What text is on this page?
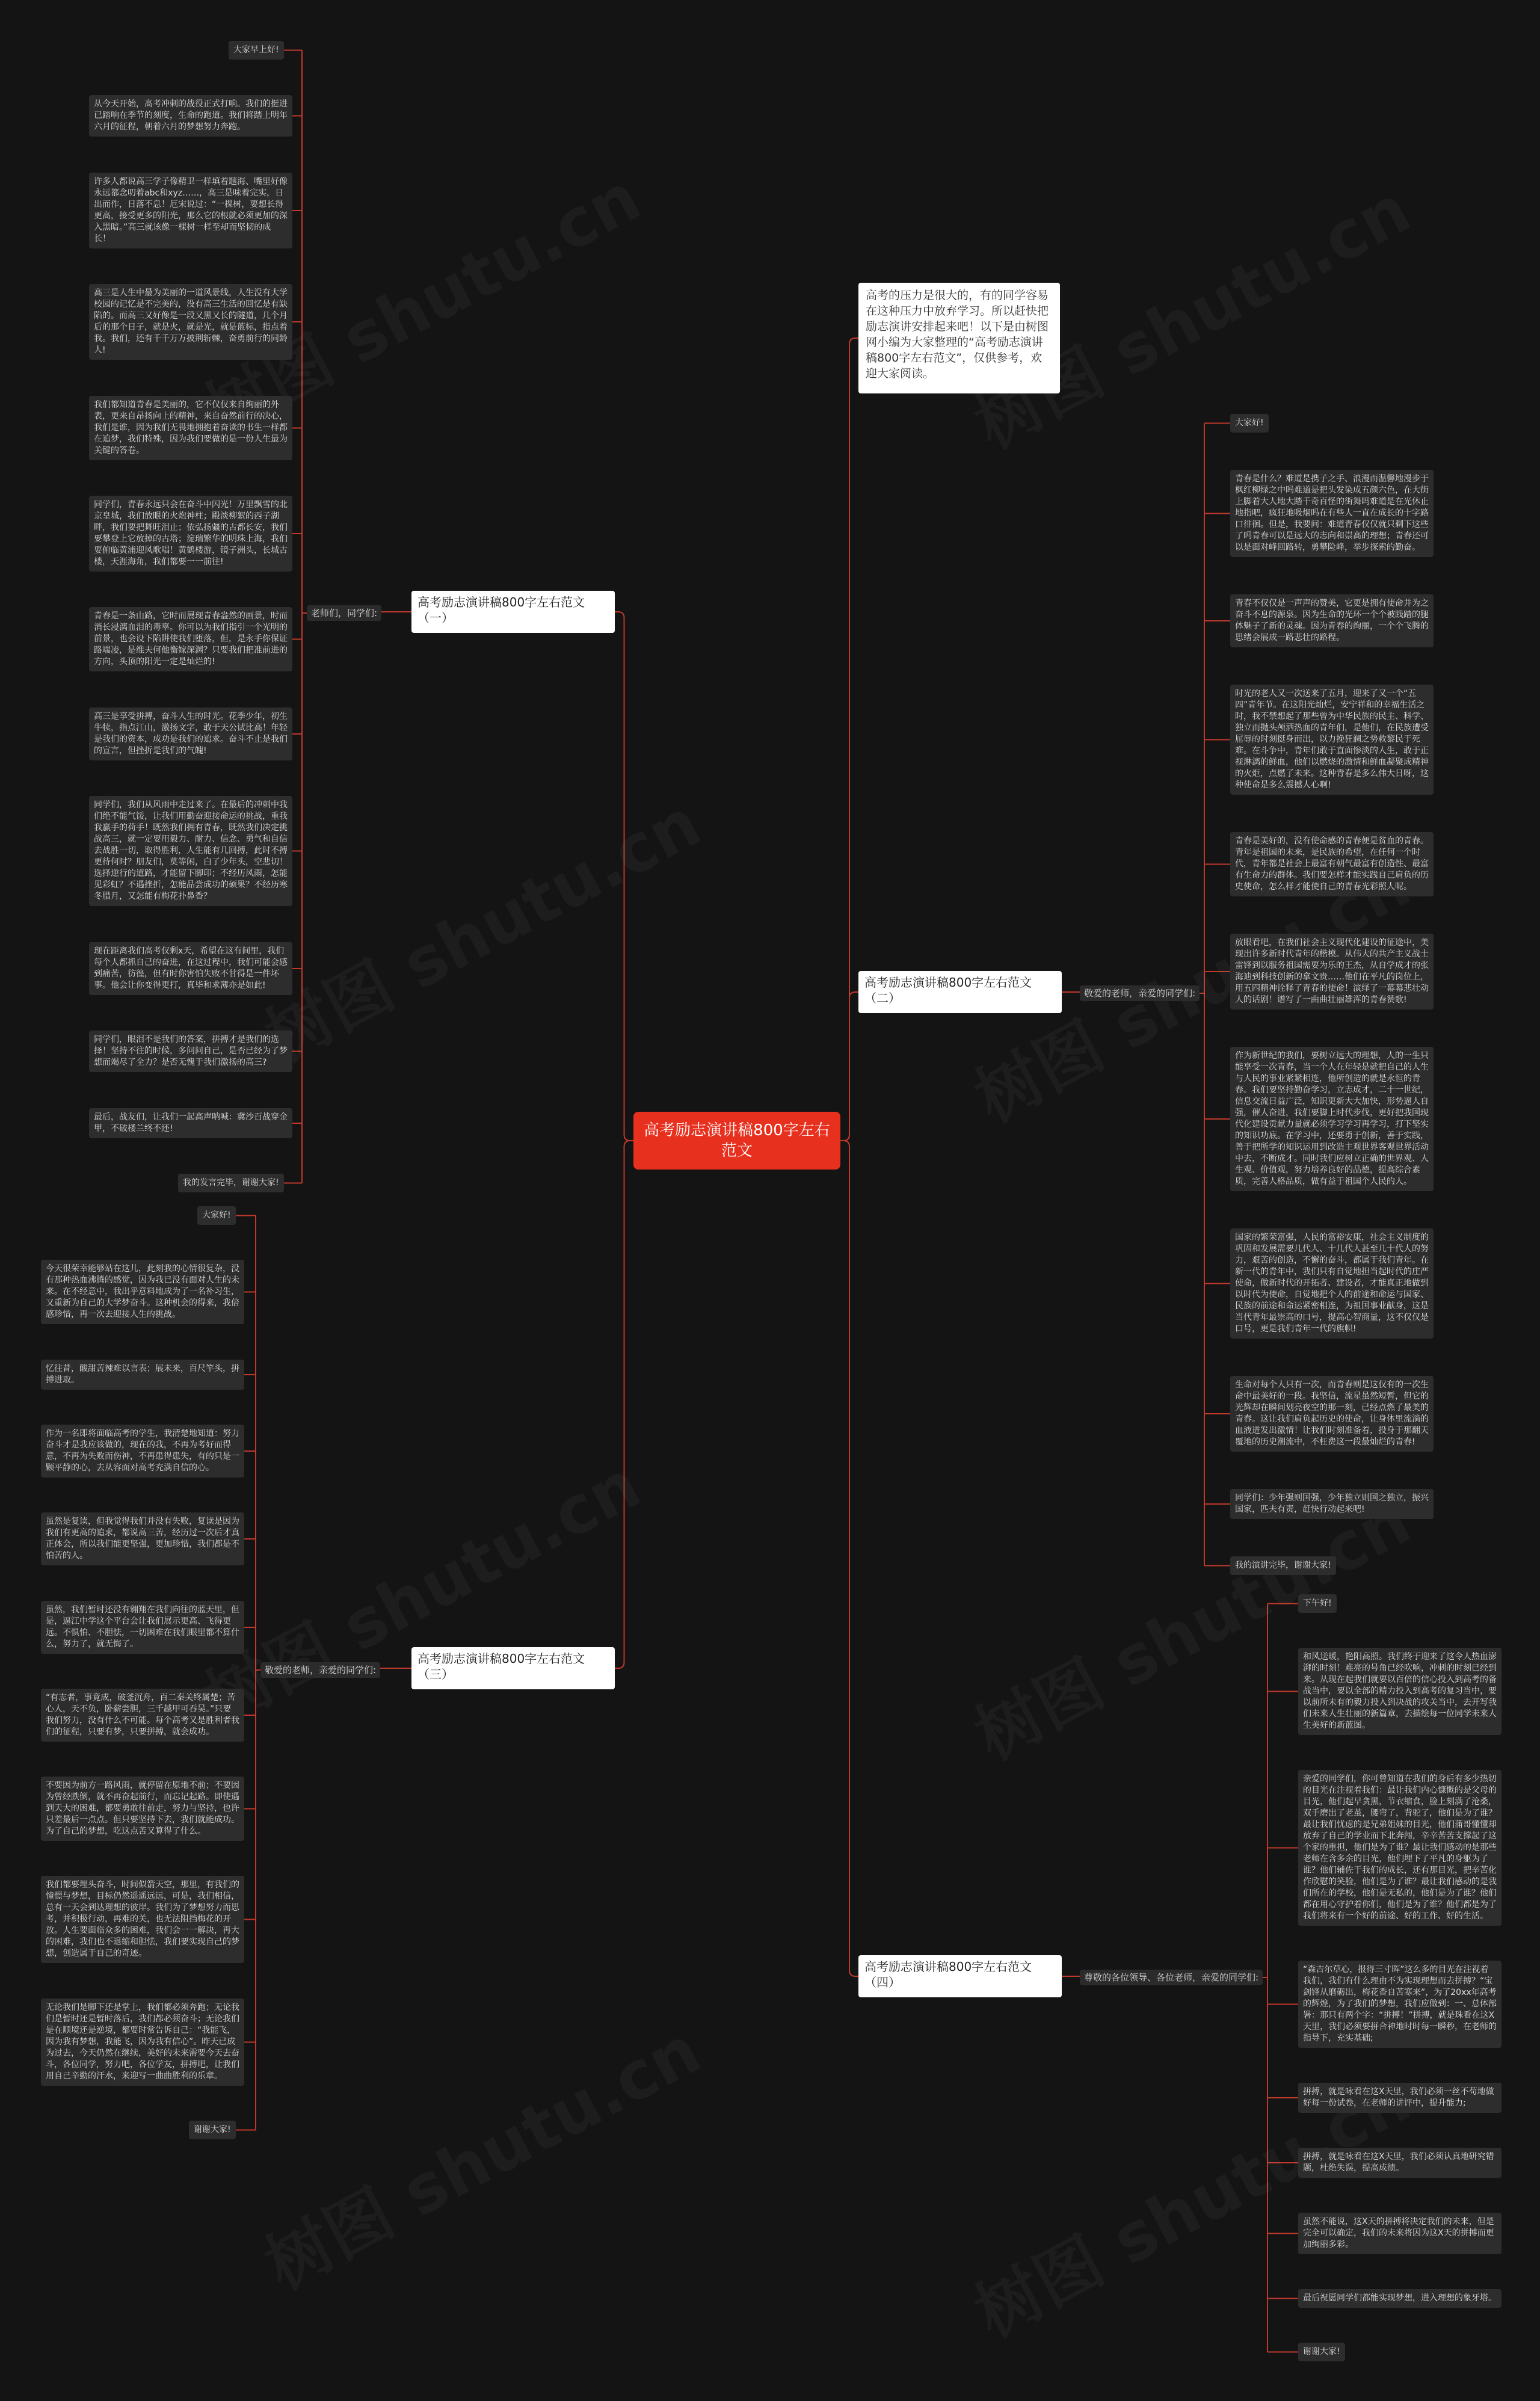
高考励志演讲稿800字左右范文
高考的压力是很大的，有的同学容易在这种压力中放弃学习。所以赶快把励志演讲安排起来吧！以下是由树图网小编为大家整理的“高考励志演讲稿800字左右范文”，仅供参考，欢迎大家阅读。
高考励志演讲稿800字左右范文（一）
高考励志演讲稿800字左右范文（二）
高考励志演讲稿800字左右范文（三）
高考励志演讲稿800字左右范文（四）
老师们，同学们:
敬爱的老师，亲爱的同学们:
敬爱的老师，亲爱的同学们:
尊敬的各位领导、各位老师，亲爱的同学们:
大家早上好!
从今天开始，高考冲刺的战役正式打响。我们的挺进已踏响在季节的刻度，生命的跑道。我们将踏上明年六月的征程，朝着六月的梦想努力奔跑。
许多人都说高三学子像精卫一样填着题海、嘴里好像永远都念叨着abc和xyz……，高三是味着完实，日出而作，日落不息！厄宋说过：“一棵树，要想长得更高，接受更多的阳光，那么它的根就必须更加的深入黑暗。”高三就该像一棵树一样至却而坚韧的成长！
高三是人生中最为美丽的一道风景线，人生没有大学校园的记忆是不完美的，没有高三生活的回忆是有缺陷的。而高三又好像是一段又黑又长的隧道，几个月后的那个日子，就是火，就是光，就是蓝标，指点着我。我们，还有千千万万披荆斩棘，奋勇前行的同龄人!
我们都知道青春是美丽的，它不仅仅来自绚丽的外表，更来自昂扬向上的精神，来自奋然前行的决心，我们是谁，因为我们无畏地拥抱着奋读的书生一样都在追梦，我们特殊，因为我们要做的是一份人生最为关键的答卷。
同学们，青春永远只会在奋斗中闪光！万里飘雪的北京皇城，我们放眼的火炮神柱；殿淡柳絮的西子湖畔，我们要把舞旺泪止；依弘扬疆的古都长安，我们要攀登上它放掉的古塔；淀瑞繁华的明珠上海，我们要俯临黄浦迎风歌唱！黄鹤楼游，镜子洲头，长城古楼，天涯海角，我们都要一一前往!
青春是一条山路，它时而展现青春盎然的画景，时而消长浸漓血泪的毒辜。你可以为我们指引一个光明的前景，也会设下陷阱使我们堕落，但，是永手你保证路端凌，是维夫何他衡嫁深渊？只要我们把准前进的方向，头顶的阳光一定是灿烂的!
高三是享受拼搏，奋斗人生的时光。花季少年，初生牛犊，指点江山，激扬文字，敢于天公试比高！年轻是我们的资本，成功是我们的追求。奋斗不止是我们的宣言，但挫折是我们的气魄!
同学们，我们从风雨中走过来了。在最后的冲刺中我们绝不能气馁，让我们用勤奋迎接命运的挑战，重我我赢手的荷手！既然我们拥有青春，既然我们决定挑战高三，就一定要用毅力、耐力、信念、勇气和自信去战胜一切，取得胜利，人生能有几回搏，此时不搏更待何时？朋友们，莫等闲，白了少年头，空悲切！选择逆行的道路，才能留下脚印；不经历风雨，怎能见彩虹？不遇挫折，怎能品尝成功的硕果？不经历寒冬腊月，又怎能有梅花扑鼻香？
现在距离我们高考仅剩x天，希望在这有间里，我们每个人都抓自己的奋进，在这过程中，我们可能会感到痛苦，彷徨，但有时你害怕失败不甘得是一件坏事。他会让你变得更打，真毕和求薄亦是如此!
同学们，眼泪不是我们的答案，拼搏才是我们的选择！坚持不往的时候，多问问自己，是否已经为了梦想而竭尽了全力？是否无愧于我们激扬的高三?
最后，战友们，让我们一起高声呐喊：冀沙百战穿金甲，不破楼兰终不还!
我的发言完毕，谢谢大家!
大家好!
青春是什么？难道是携子之手、浪漫而温馨地漫步于枫红柳绿之中吗难道是把头发染成五颜六色，在大街上脚着大人地大踏千奇百怪的街舞吗难道是在光休止地指吧，疯狂地吸烟吗在有些人一直在成长的十字路口徘徊。但是，我要问：难道青春仅仅就只剩下这些了吗青春可以是远大的志向和崇高的理想；青春还可以是面对峰回路转，勇攀险峰，举步探索的勤奋。
青春不仅仅是一声声的赞美，它更是拥有使命并为之奋斗不息的源泉。因为生命的光环一个个被践踏的腿体魅子了新的灵魂。因为青春的绚丽，一个个飞腾的思绪会展成一路悲壮的路程。
时光的老人又一次送来了五月，迎来了又一个“五四”青年节。在这阳光灿烂，安宁祥和的幸福生活之时，我不禁想起了那些曾为中华民族的民主、科学、独立而抛头颅洒热血的青年们，是他们，在民族遭受屈辱的时刻挺身而出，以力挽狂澜之势救黎民于死难。在斗争中，青年们敢于直面惨淡的人生，敢于正视淋漓的鲜血，他们以燃烧的激情和鲜血凝聚成精神的火炬，点燃了未来。这种青春是多么伟大日呀，这种使命是多么震撼人心啊!
青春是美好的，没有使命感的青春便是贫血的青春。青年是祖国的未来，是民族的希望，在任何一个时代，青年都是社会上最富有朝气最富有创造性、最富有生命力的群体。我们要怎样才能实践自己肩负的历史使命，怎么样才能使自己的青春光彩照人呢。
放眼看吧，在我们社会主义现代化建设的征途中，美现出许多新时代青年的楷模。从伟大的共产主义战士雷锋到以服务祖国需要为乐的王杰，从自学成才的张海迪到科技创新的拿文贵……他们在平凡的岗位上，用五四精神诠释了青春的使命！演绎了一幕幕悲壮动人的话剧！谱写了一曲曲壮丽雄浑的青春赞歌!
作为新世纪的我们，要树立远大的理想，人的一生只能享受一次青春，当一个人在年轻是就把自己的人生与人民的事业紧紧相连，他所创造的就是永恒的青春。我们要坚持勤奋学习，立志成才，二十一世纪，信息交流日益广泛，知识更新大大加快，形势逼人自强，催人奋进，我们要脚上时代步伐，更好把我国现代化建设贡献力量就必须学习学习再学习，打下坚实的知识功底。在学习中，还要勇于创新，善于实践，善于把所学的知识运用到改造主观世界客观世界活动中去，不断成才。同时我们应树立正确的世界观、人生观、价值观，努力培养良好的品德，提高综合素质，完善人格品质，做有益于祖国个人民的人。
国家的繁荣富强，人民的富裕安康，社会主义制度的巩固和发展需要几代人、十几代人甚至几十代人的努力，艰苦的创造，不懈的奋斗，都属于我们青年。在新一代的青年中，我们只有自觉地担当起时代的庄严使命，做新时代的开拓者、建设者，才能真正地做到以时代为使命，自觉地把个人的前途和命运与国家、民族的前途和命运紧密相连，为祖国事业献身，这是当代青年最崇高的口号，提高心智商量，这不仅仅是口号，更是我们青年一代的旗帜!
生命对每个人只有一次，而青春则是这仅有的一次生命中最美好的一段。我坚信，流星虽然短暂，但它的光辉却在瞬间划亮夜空的那一刻，已经点燃了最美的青春。这让我们肩负起历史的使命，让身体里流淌的血液迸发出激情！让我们时刻准备着，投身于那翻天覆地的历史潮流中，不枉费这一段最灿烂的青春!
同学们：少年强则国强，少年独立则国之独立，振兴国家，匹夫有责，赶快行动起来吧!
我的演讲完毕，谢谢大家!
大家好!
今天很荣幸能够站在这儿，此刻我的心情很复杂，没有那种热血沸腾的感觉，因为我已没有面对人生的未来。在不经意中，我出乎意料地成为了一名补习生，又重新为自己的大学梦奋斗。这种机会的得来，我倍感珍惜，再一次去迎接人生的挑战。
忆往昔，酸甜苦辣难以言表；展未来，百尺竿头，拼搏进取。
作为一名即将面临高考的学生，我清楚地知道：努力奋斗才是我应该做的，现在的我，不再为考好而得意，不再为失败而伤神，不再患得患失，有的只是一颗平静的心，去从容面对高考充满自信的心。
虽然是复读，但我觉得我们并没有失败，复读是因为我们有更高的追求，都说高三苦，经历过一次后才真正体会，所以我们能更坚强，更加珍惜，我们都是不怕苦的人。
虽然，我们暂时还没有翱翔在我们向往的蓝天里，但是，逼江中学这个平台会让我们展示更高、飞得更远。不惧怕、不胆怯，一切困难在我们眼里都不算什么，努力了，就无悔了。
“有志者，事竟成，破釜沉舟，百二秦关终属楚；苦心人，天不负，卧薪尝胆，三千越甲可吞吴。”只要我们努力，没有什么不可能。每个高考又是胜利者我们的征程，只要有梦，只要拼搏，就会成功。
不要因为前方一路风雨，就停留在原地不前；不要因为曾经跌倒，就不再奋起前行，而忘记起路。即使遇到天大的困难，都要勇敢往前走，努力与坚持，也许只差最后一点点。但只要坚持下去，我们就能成功。为了自己的梦想，吃这点苦又算得了什么。
我们都要埋头奋斗，时间似箭天空，那里，有我们的憧憬与梦想，目标仍然遥遥远远，可是，我们相信，总有一天会到达理想的彼岸。我们为了梦想努力而思考，并积极行动，再难的关，也无法阻挡梅花的开放。人生要面临众多的困难，我们会一一解决，再大的困难，我们也不退缩和胆怯，我们要实现自己的梦想，创造属于自己的奇迹。
无论我们是脚下还是掌上，我们都必须奔跑；无论我们是暂时还是暂时落后，我们都必须奋斗；无论我们是在顺境还是逆境，都要时常告诉自己：“我能飞，因为我有梦想，我能飞，因为我有信心”。昨天已成为过去，今天仍然在继续，美好的未来需要今天去奋斗，各位同学，努力吧，各位学友，拼搏吧，让我们用自己辛勤的汗水，来迎写一曲曲胜利的乐章。
谢谢大家!
下午好!
和风送暖，艳阳高照。我们终于迎来了这令人热血澎湃的时刻！难亮的号角已经吹响，冲刺的时刻已经到来。从现在起我们就要以百倍的信心投入到高考的备战当中，要以全部的精力投入到高考的复习当中，要以前所未有的毅力投入到决战的攻关当中，去开写我们未来人生壮丽的新篇章，去描绘每一位同学未来人生美好的新蓝图。
亲爱的同学们，你可曾知道在我们的身后有多少热切的目光在注视着我们：最让我们内心慷慨的是父母的目光，他们起早贪黑，节衣缩食，脸上刻满了沧桑，双手磨出了老茧，腰弯了，背驼了，他们是为了谁？最让我们忧虑的是兄弟姐妹的目光，他们蒲哥懂懂却放弃了自己的学业而下北奔闯，辛辛苦苦支撑起了这个家的重担，他们是为了谁？最让我们感动的是那些老师在含多余的目光，他们埋下了平凡的身躯为了谁？他们辅佐于我们的成长，还有那目光，把辛苦化作欣慰的笑脸，他们是为了谁？最让我们感动的是我们所在的学校，他们是无私的，他们是为了谁？他们都在用心守护着你们，他们是为了谁？他们都是为了我们将来有一个好的前途、好的工作、好的生活。
“森吉尔草心，报得三寸晖”这么多的目光在注视着我们，我们有什么理由不为实现理想而去拼搏？“宝剑锋从磨砺出，梅花香自苦寒来”，为了20xx年高考的辉煌，为了我们的梦想，我们应做到：一、总体部署：那只有两个字：“拼搏！”拼搏，就是珠看在这X天里，我们必须要拼合神地时时每一瞬秒，在老师的指导下，充实基础;
拼搏，就是咏看在这X天里，我们必须一丝不苟地做好每一份试卷，在老师的讲评中，提升能力;
拼搏，就是咏看在这X天里，我们必须认真地研究错题，杜绝失误，提高成绩。
虽然不能说，这X天的拼搏将决定我们的未来，但是完全可以确定，我们的未来将因为这X天的拼搏而更加绚丽多彩。
最后祝愿同学们都能实现梦想，进入理想的象牙塔。
谢谢大家!
